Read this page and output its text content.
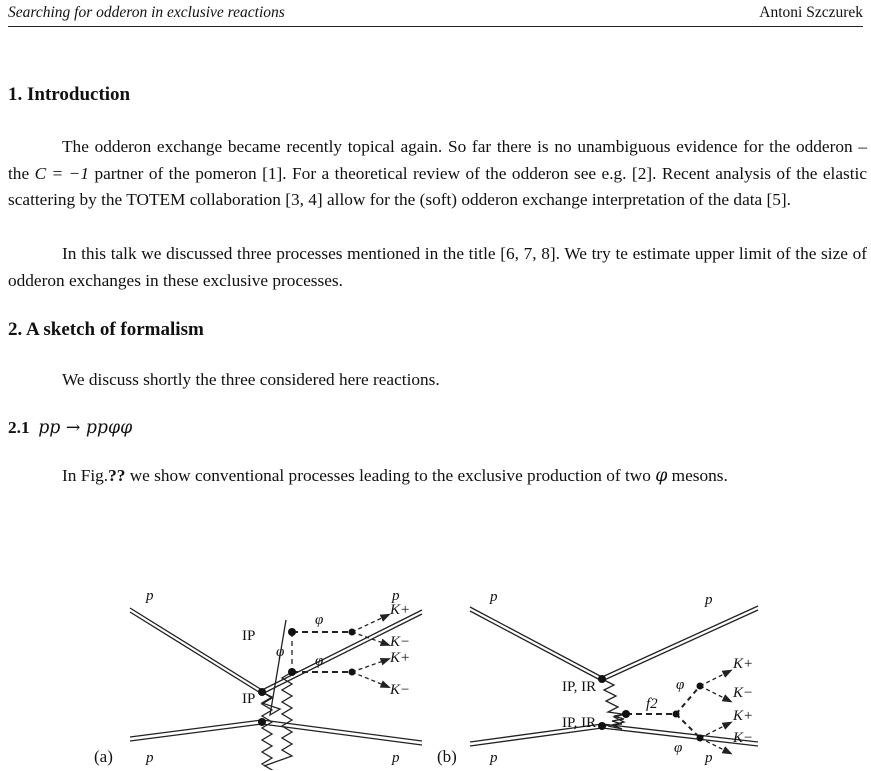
Searching for odderon in exclusive reactions	Antoni Szczurek
1. Introduction

The odderon exchange became recently topical again. So far there is no unambiguous evidence for the odderon – the C = −1 partner of the pomeron [1]. For a theoretical review of the odderon see e.g. [2]. Recent analysis of the elastic scattering by the TOTEM collaboration [3, 4] allow for the (soft) odderon exchange interpretation of the data [5].

In this talk we discussed three processes mentioned in the title [6, 7, 8]. We try te estimate upper limit of the size of odderon exchanges in these exclusive processes.

2. A sketch of formalism

We discuss shortly the three considered here reactions.

2.1 pp → ppφφ

In Fig.?? we show conventional processes leading to the exclusive production of two φ mesons.

p	p
p	p
IP
IP
φ
φ
φ
K+
K−
K+
K−
(a)
p	p
p	p
IP, IR
IP, IR
f2
φ
φ
K+
K−
K+
K−
(b)
